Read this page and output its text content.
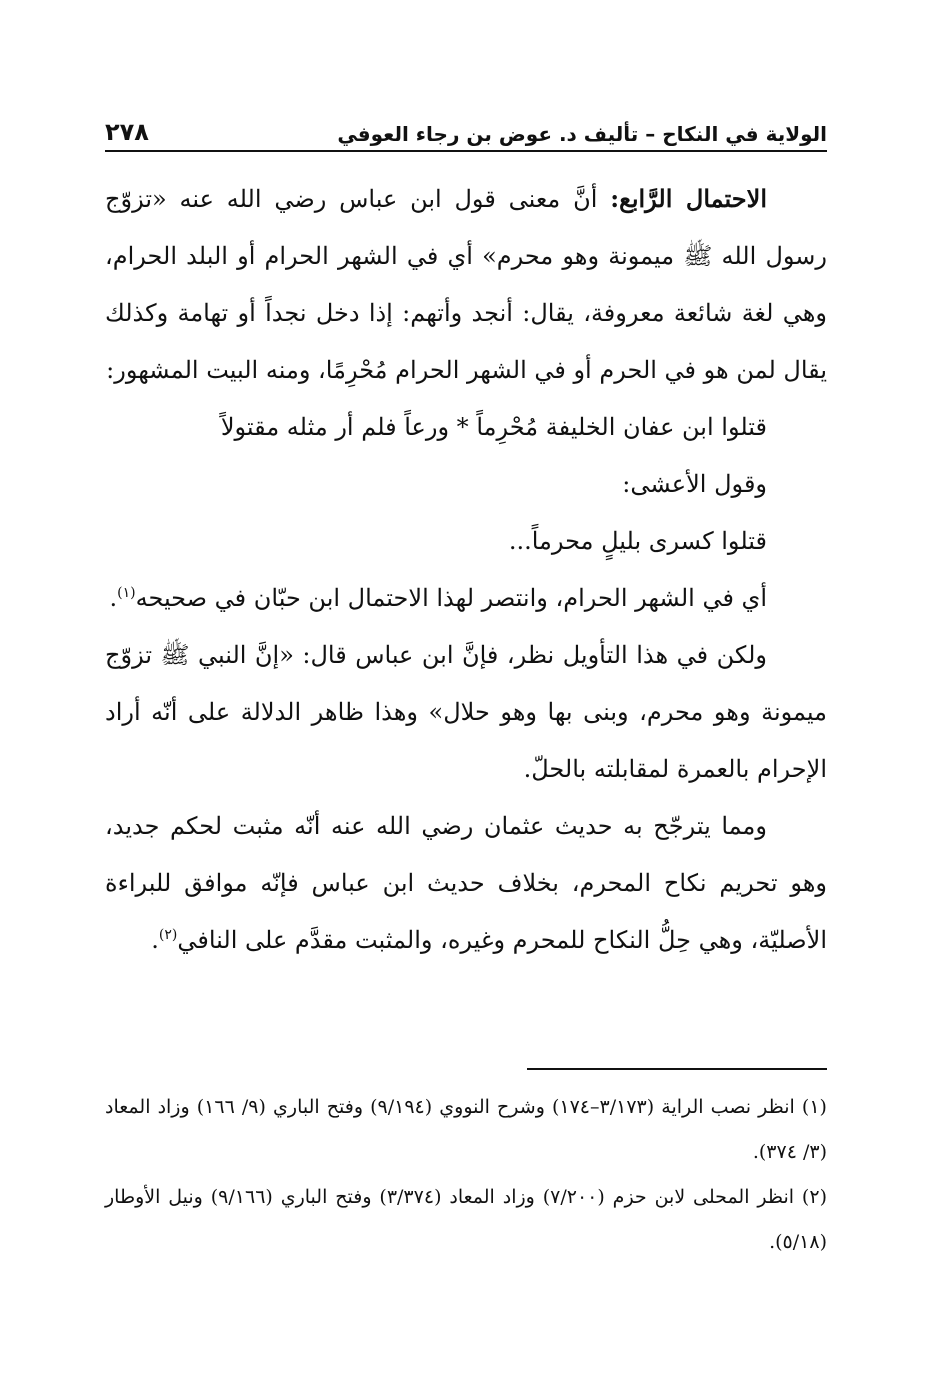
الولاية في النكاح – تأليف د. عوض بن رجاء العوفي
٢٧٨

الاحتمال الرَّابع: أنَّ معنى قول ابن عباس رضي الله عنه «تزوّج رسول الله ﷺ ميمونة وهو محرم» أي في الشهر الحرام أو البلد الحرام، وهي لغة شائعة معروفة، يقال: أنجد وأتهم: إذا دخل نجداً أو تهامة وكذلك يقال لمن هو في الحرم أو في الشهر الحرام مُحْرِمًا، ومنه البيت المشهور:

قتلوا ابن عفان الخليفة مُحْرِماً * ورعاً فلم أر مثله مقتولاً

وقول الأعشى:

قتلوا كسرى بليلٍ محرماً...

أي في الشهر الحرام، وانتصر لهذا الاحتمال ابن حبّان في صحيحه$^{(١)}$.

ولكن في هذا التأويل نظر، فإنَّ ابن عباس قال: «إنَّ النبي ﷺ تزوّج ميمونة وهو محرم، وبنى بها وهو حلال» وهذا ظاهر الدلالة على أنّه أراد الإحرام بالعمرة لمقابلته بالحلّ.

ومما يترجّح به حديث عثمان رضي الله عنه أنّه مثبت لحكم جديد، وهو تحريم نكاح المحرم، بخلاف حديث ابن عباس فإنّه موافق للبراءة الأصليّة، وهي حِلُّ النكاح للمحرم وغيره، والمثبت مقدَّم على النافي$^{(٢)}$.

(١) انظر نصب الراية (٣/١٧٣–١٧٤) وشرح النووي (٩/١٩٤) وفتح الباري (٩/ ١٦٦) وزاد المعاد (٣/ ٣٧٤).

(٢) انظر المحلى لابن حزم (٧/٢٠٠) وزاد المعاد (٣/٣٧٤) وفتح الباري (٩/١٦٦) ونيل الأوطار (٥/١٨).
